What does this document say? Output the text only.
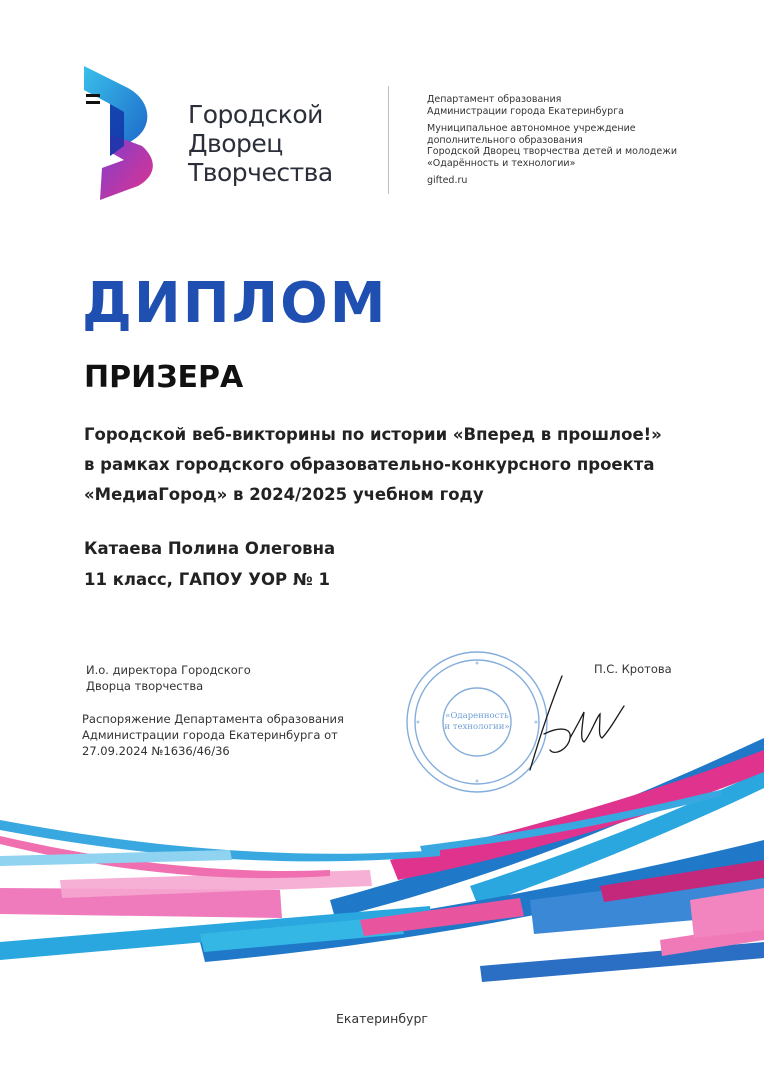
Городской
Дворец
Творчества
Департамент образования
Администрации города Екатеринбурга
Муниципальное автономное учреждение
дополнительного образования
Городской Дворец творчества детей и молодежи
«Одарённость и технологии»
gifted.ru
ДИПЛОМ
ПРИЗЕРА
Городской веб-викторины по истории «Вперед в прошлое!»
в рамках городского образовательно-конкурсного проекта
«МедиаГород» в 2024/2025 учебном году
Катаева Полина Олеговна
11 класс, ГАПОУ УОР № 1
И.о. директора Городского
Дворца творчества
Распоряжение Департамента образования
Администрации города Екатеринбурга от
27.09.2024 №1636/46/36
«Одаренность
и технологии»
П.С. Кротова
Екатеринбург
